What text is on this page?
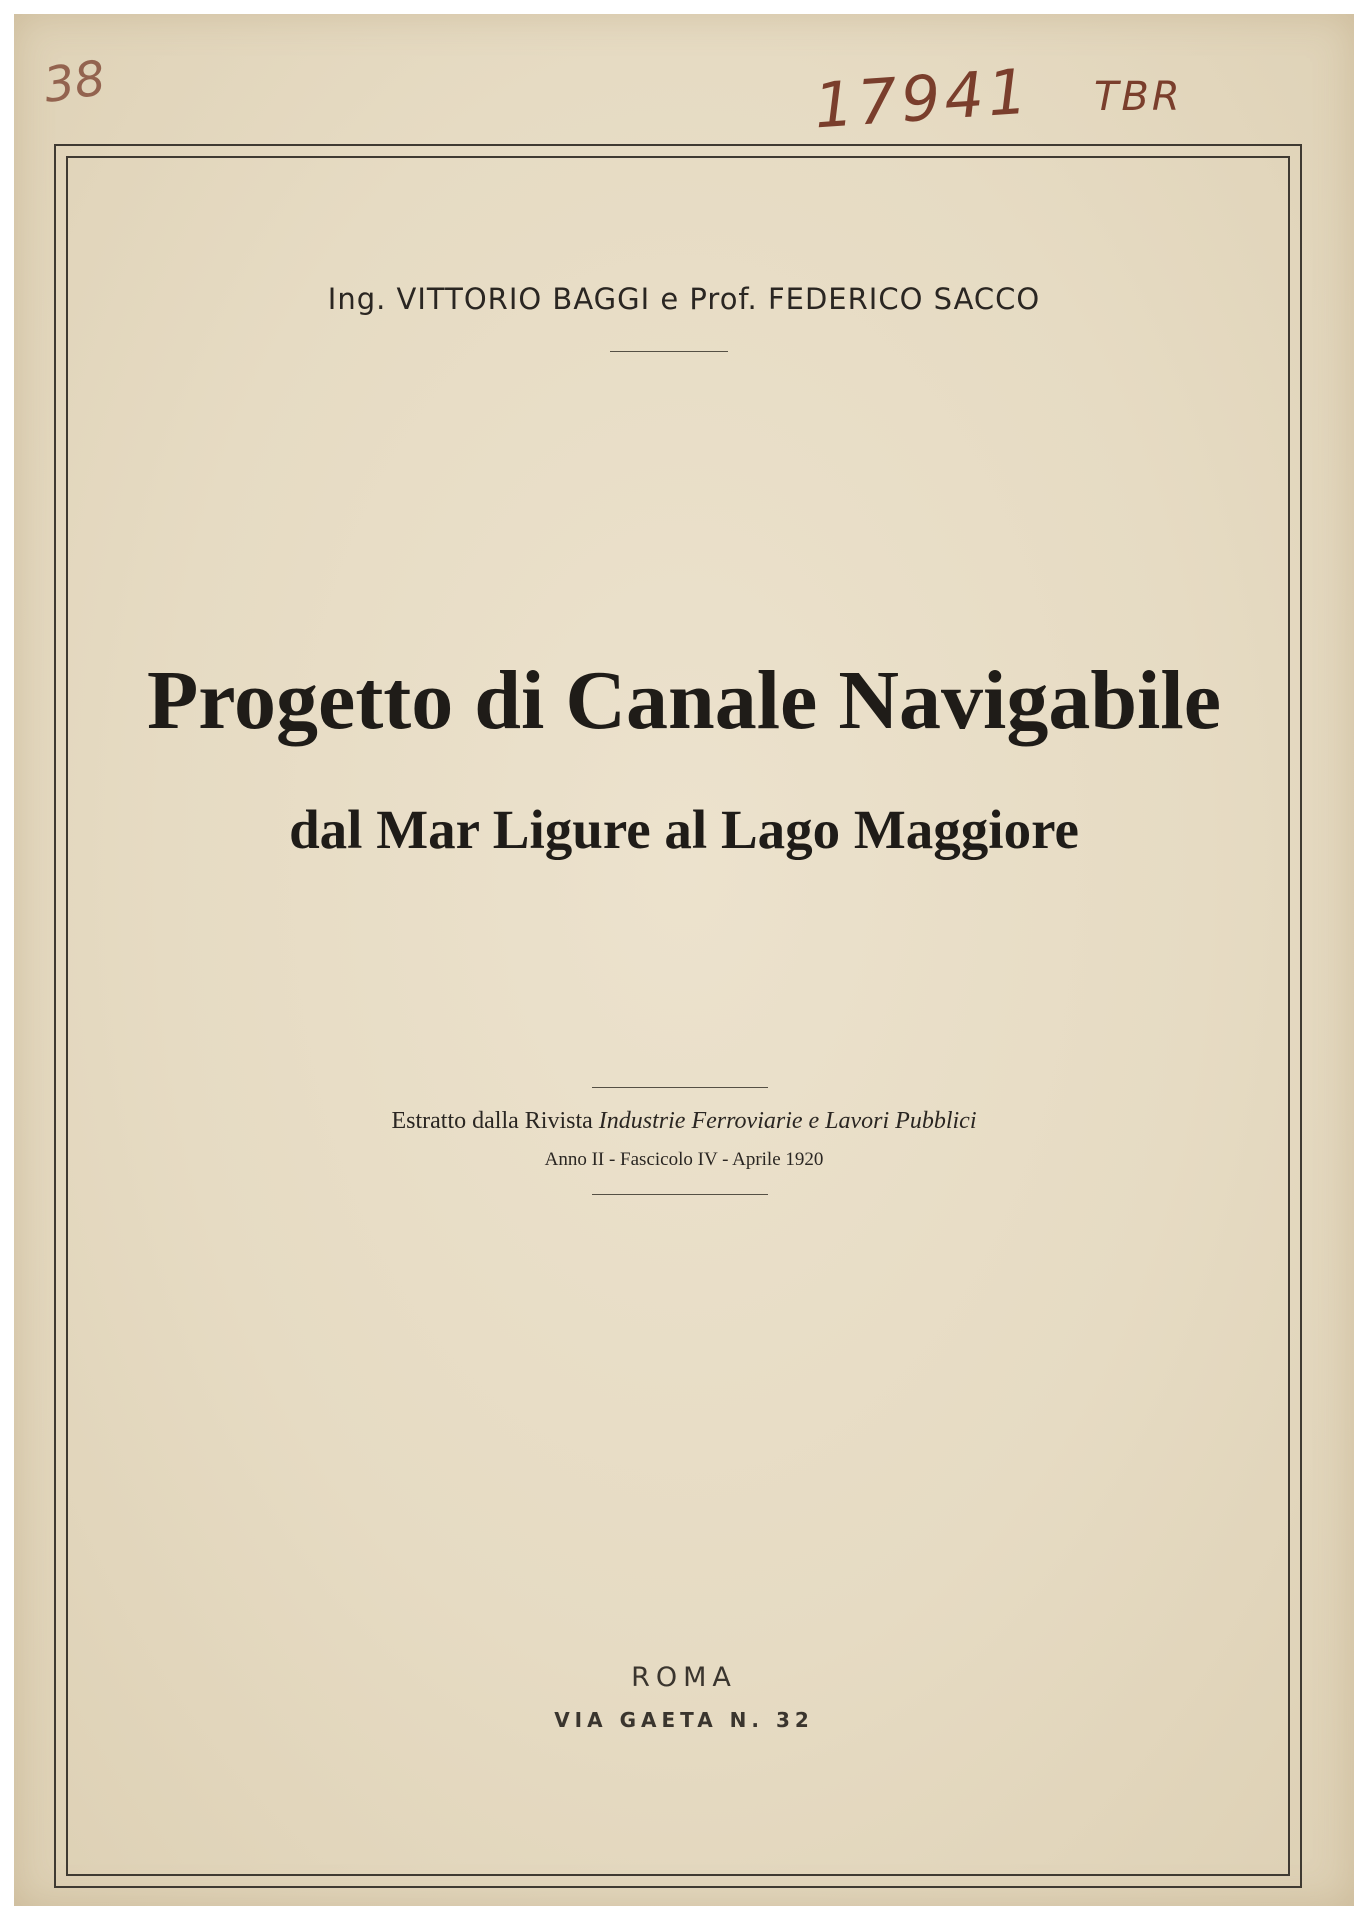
38	17941 TBR
Ing. VITTORIO BAGGI e Prof. FEDERICO SACCO
Progetto di Canale Navigabile
dal Mar Ligure al Lago Maggiore
Estratto dalla Rivista Industrie Ferroviarie e Lavori Pubblici
Anno II - Fascicolo IV - Aprile 1920
ROMA
VIA GAETA N. 32
